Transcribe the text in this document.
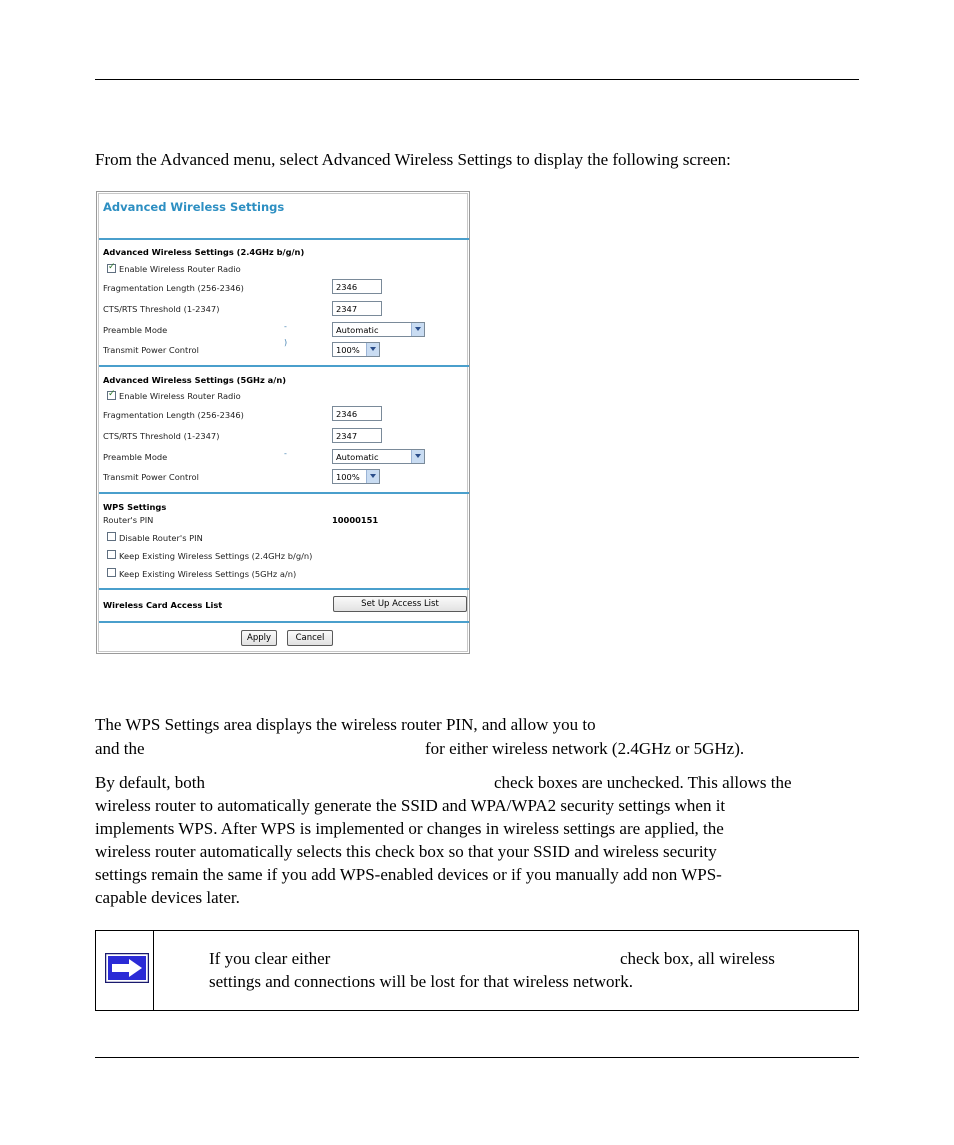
From the Advanced menu, select Advanced Wireless Settings to display the following screen:
Advanced Wireless Settings
Advanced Wireless Settings (2.4GHz b/g/n)
✓
Enable Wireless Router Radio
Fragmentation Length (256-2346)	2346
CTS/RTS Threshold (1-2347)	2347
Preamble Mode	-	Automatic
)
Transmit Power Control	100%
Advanced Wireless Settings (5GHz a/n)
✓
Enable Wireless Router Radio
Fragmentation Length (256-2346)	2346
CTS/RTS Threshold (1-2347)	2347
Preamble Mode	-	Automatic
Transmit Power Control	100%
WPS Settings
Router's PIN	10000151
Disable Router's PIN
Keep Existing Wireless Settings (2.4GHz b/g/n)
Keep Existing Wireless Settings (5GHz a/n)
Wireless Card Access List	Set Up Access List
Apply	Cancel
The WPS Settings area displays the wireless router PIN, and allow you to
and the	for either wireless network (2.4GHz or 5GHz).
By default, both	check boxes are unchecked. This allows the
wireless router to automatically generate the SSID and WPA/WPA2 security settings when it
implements WPS. After WPS is implemented or changes in wireless settings are applied, the
wireless router automatically selects this check box so that your SSID and wireless security
settings remain the same if you add WPS-enabled devices or if you manually add non WPS-
capable devices later.
If you clear either	check box, all wireless
settings and connections will be lost for that wireless network.
